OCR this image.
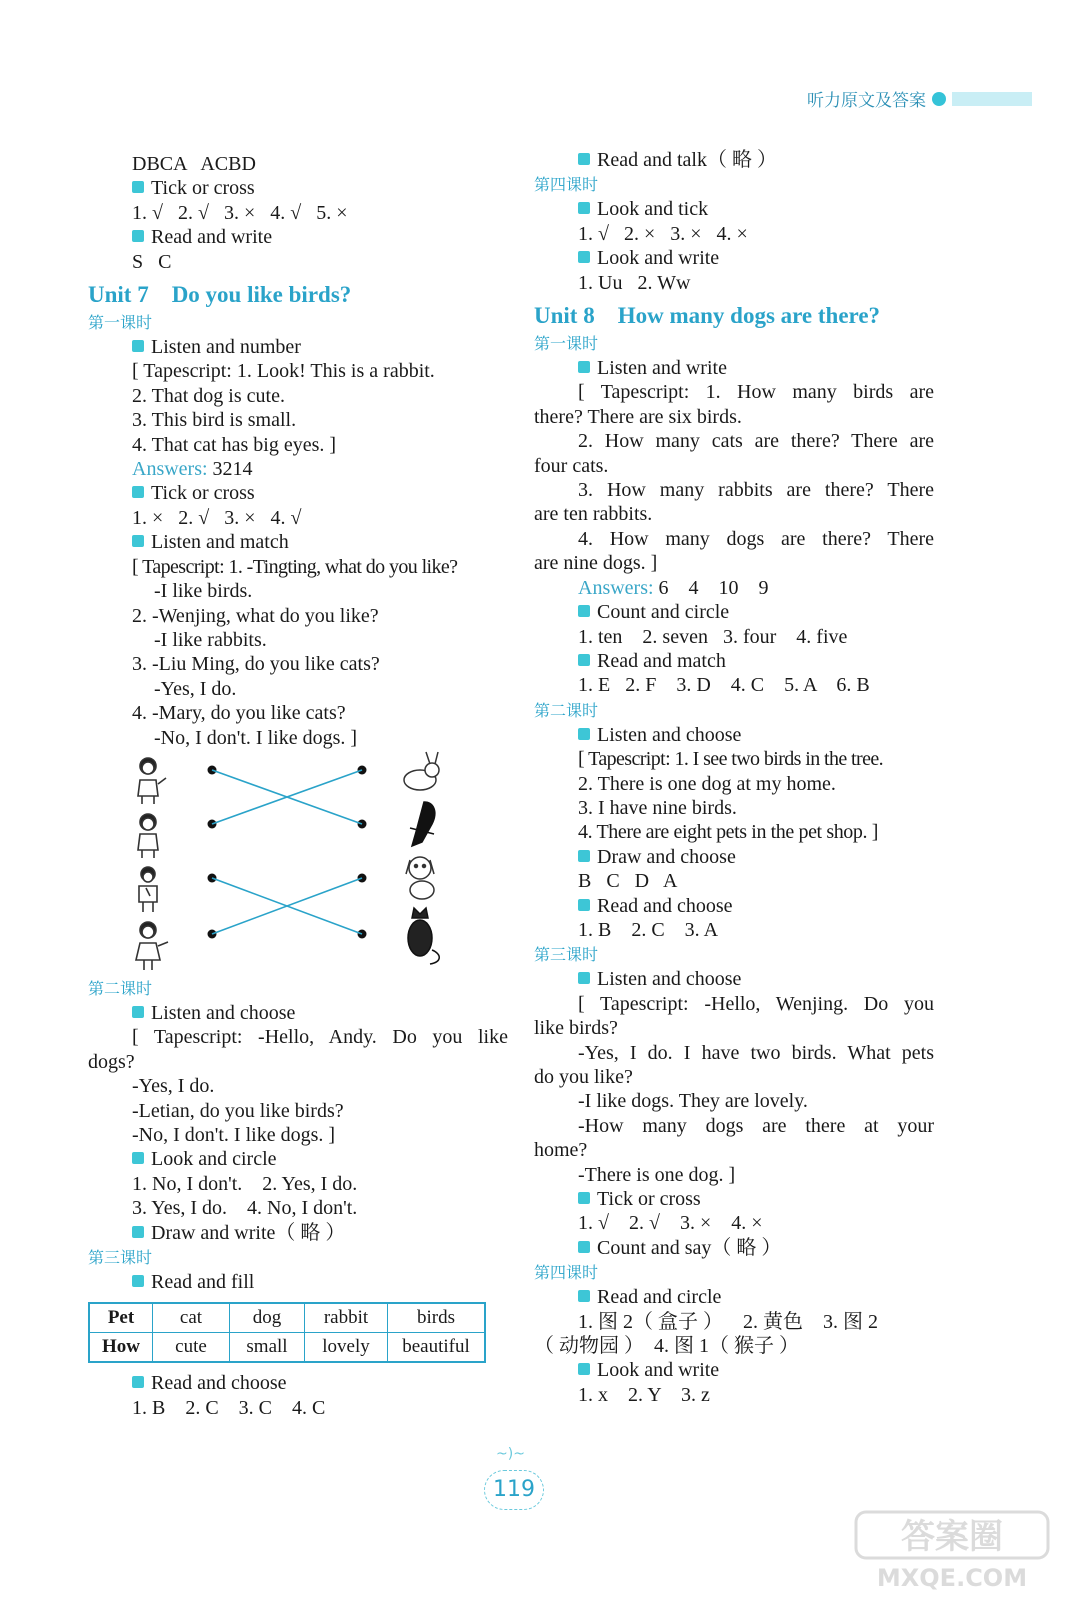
听力原文及答案
DBCA   ACBD
Tick or cross
1. √   2. √   3. ×   4. √   5. ×
Read and write
S   C
Unit 7    Do you like birds?
第一课时
Listen and number
[ Tapescript: 1. Look! This is a rabbit.
2. That dog is cute.
3. This bird is small.
4. That cat has big eyes. ]
Answers: 3214
Tick or cross
1. ×   2. √   3. ×   4. √
Listen and match
[ Tapescript: 1. -Tingting, what do you like?
-I like birds.
2. -Wenjing, what do you like?
-I like rabbits.
3. -Liu Ming, do you like cats?
-Yes, I do.
4. -Mary, do you like cats?
-No, I don't. I like dogs. ]
第二课时
Listen and choose
[ Tapescript: -Hello, Andy. Do you like
dogs?
-Yes, I do.
-Letian, do you like birds?
-No, I don't. I like dogs. ]
Look and circle
1. No, I don't.    2. Yes, I do.
3. Yes, I do.    4. No, I don't.
Draw and write（ 略 ）
第三课时
Read and fill
Pet	cat	dog	rabbit	birds
How	cute	small	lovely	beautiful
Read and choose
1. B    2. C    3. C    4. C
Read and talk（ 略 ）
第四课时
Look and tick
1. √   2. ×   3. ×   4. ×
Look and write
1. Uu   2. Ww
Unit 8    How many dogs are there?
第一课时
Listen and write
[ Tapescript: 1. How many birds are
there? There are six birds.
2. How many cats are there? There are
four cats.
3. How many rabbits are there? There
are ten rabbits.
4. How many dogs are there? There
are nine dogs. ]
Answers: 6    4    10    9
Count and circle
1. ten    2. seven   3. four    4. five
Read and match
1. E   2. F    3. D    4. C    5. A    6. B
第二课时
Listen and choose
[ Tapescript: 1. I see two birds in the tree.
2. There is one dog at my home.
3. I have nine birds.
4. There are eight pets in the pet shop. ]
Draw and choose
B   C   D   A
Read and choose
1. B    2. C    3. A
第三课时
Listen and choose
[ Tapescript: -Hello, Wenjing. Do you
like birds?
-Yes, I do. I have two birds. What pets
do you like?
-I like dogs. They are lovely.
-How many dogs are there at your
home?
-There is one dog. ]
Tick or cross
1. √    2. √    3. ×    4. ×
Count and say（ 略 ）
第四课时
Read and circle
1. 图 2（ 盒子 ）    2. 黄色    3. 图 2
（ 动物园 ）  4. 图 1（ 猴子 ）
Look and write
1. x    2. Y    3. z
~)~
119
答案圈
MXQE.COM
